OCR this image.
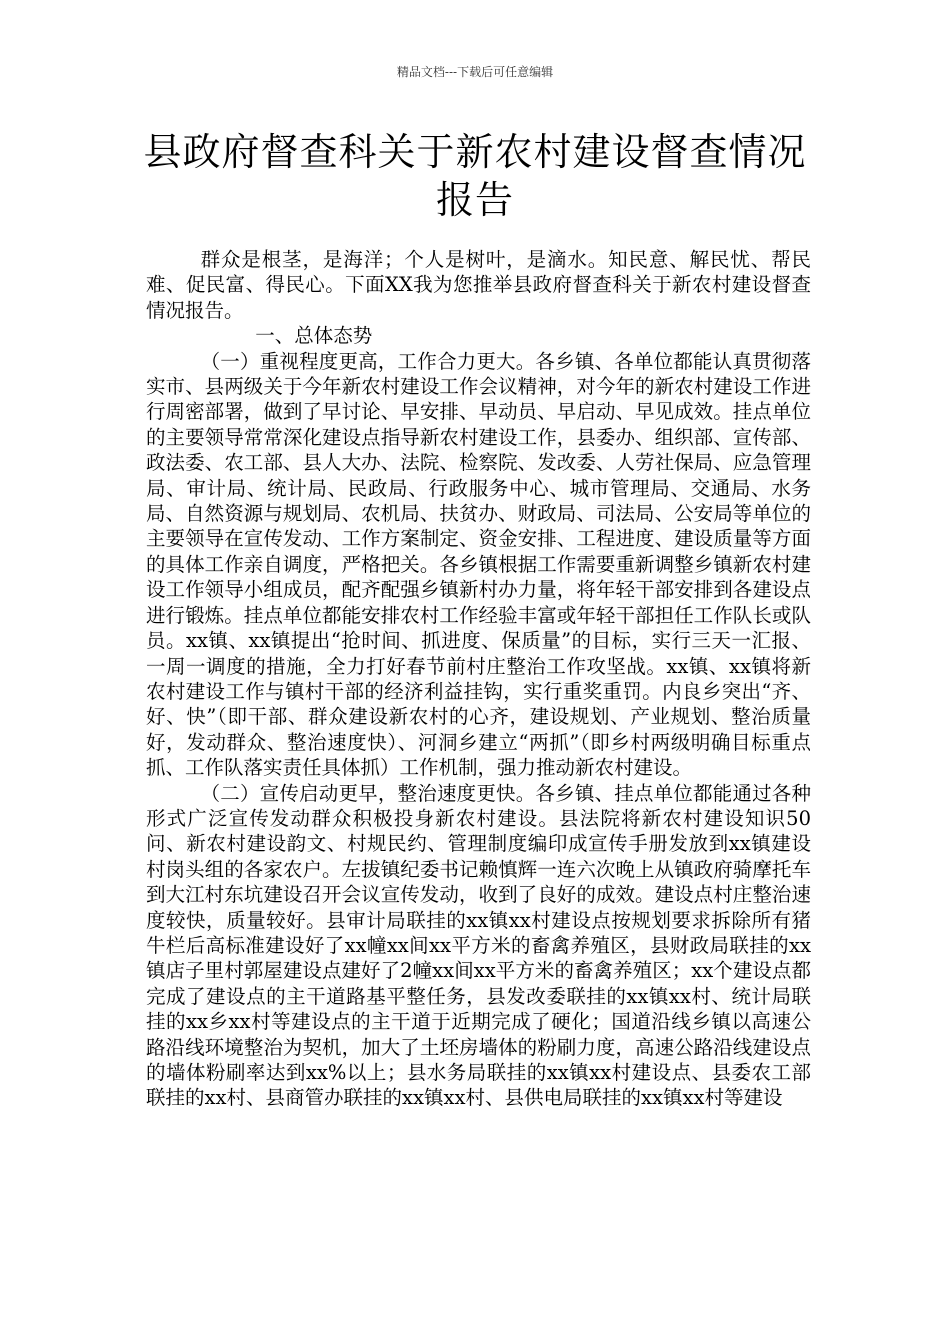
精品文档---下载后可任意编辑
县政府督查科关于新农村建设督查情况报告

群众是根茎，是海洋；个人是树叶，是滴水。知民意、解民忧、帮民难、促民富、得民心。下面XX我为您推举县政府督查科关于新农村建设督查情况报告。

一、总体态势

（一）重视程度更高，工作合力更大。各乡镇、各单位都能认真贯彻落实市、县两级关于今年新农村建设工作会议精神，对今年的新农村建设工作进行周密部署，做到了早讨论、早安排、早动员、早启动、早见成效。挂点单位的主要领导常常深化建设点指导新农村建设工作，县委办、组织部、宣传部、政法委、农工部、县人大办、法院、检察院、发改委、人劳社保局、应急管理局、审计局、统计局、民政局、行政服务中心、城市管理局、交通局、水务局、自然资源与规划局、农机局、扶贫办、财政局、司法局、公安局等单位的主要领导在宣传发动、工作方案制定、资金安排、工程进度、建设质量等方面的具体工作亲自调度，严格把关。各乡镇根据工作需要重新调整乡镇新农村建设工作领导小组成员，配齐配强乡镇新村办力量，将年轻干部安排到各建设点进行锻炼。挂点单位都能安排农村工作经验丰富或年轻干部担任工作队长或队员。xx镇、xx镇提出“抢时间、抓进度、保质量”的目标，实行三天一汇报、一周一调度的措施，全力打好春节前村庄整治工作攻坚战。xx镇、xx镇将新农村建设工作与镇村干部的经济利益挂钩，实行重奖重罚。内良乡突出“齐、好、快”（即干部、群众建设新农村的心齐，建设规划、产业规划、整治质量好，发动群众、整治速度快）、河洞乡建立“两抓”（即乡村两级明确目标重点抓、工作队落实责任具体抓）工作机制，强力推动新农村建设。

（二）宣传启动更早，整治速度更快。各乡镇、挂点单位都能通过各种形式广泛宣传发动群众积极投身新农村建设。县法院将新农村建设知识50问、新农村建设韵文、村规民约、管理制度编印成宣传手册发放到xx镇建设村岗头组的各家农户。左拔镇纪委书记赖慎辉一连六次晚上从镇政府骑摩托车到大江村东坑建设召开会议宣传发动，收到了良好的成效。建设点村庄整治速度较快，质量较好。县审计局联挂的xx镇xx村建设点按规划要求拆除所有猪牛栏后高标准建设好了xx幢xx间xx平方米的畜禽养殖区，县财政局联挂的xx镇店子里村郭屋建设点建好了2幢xx间xx平方米的畜禽养殖区；xx个建设点都完成了建设点的主干道路基平整任务，县发改委联挂的xx镇xx村、统计局联挂的xx乡xx村等建设点的主干道于近期完成了硬化；国道沿线乡镇以高速公路沿线环境整治为契机，加大了土坯房墙体的粉刷力度，高速公路沿线建设点的墙体粉刷率达到xx%以上；县水务局联挂的xx镇xx村建设点、县委农工部联挂的xx村、县商管办联挂的xx镇xx村、县供电局联挂的xx镇xx村等建设
